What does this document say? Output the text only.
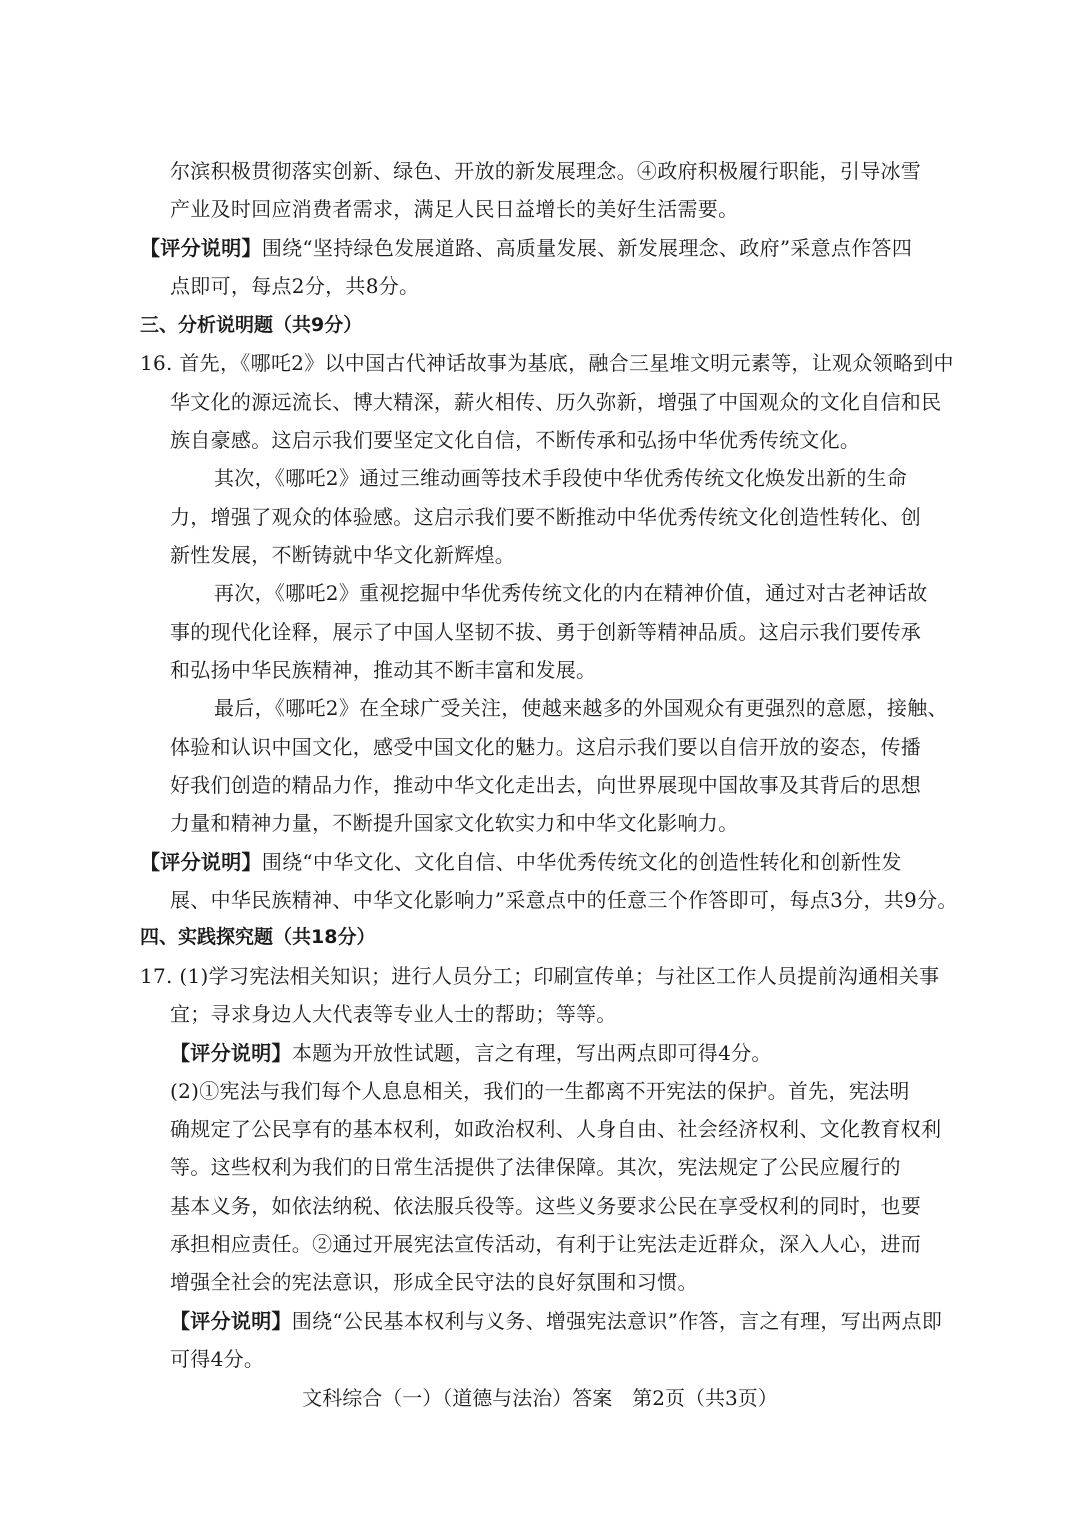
尔滨积极贯彻落实创新、绿色、开放的新发展理念。④政府积极履行职能，引导冰雪
产业及时回应消费者需求，满足人民日益增长的美好生活需要。
【评分说明】围绕“坚持绿色发展道路、高质量发展、新发展理念、政府”采意点作答四
点即可，每点2分，共8分。
三、分析说明题（共9分）
16. 首先，《哪吒2》以中国古代神话故事为基底，融合三星堆文明元素等，让观众领略到中
华文化的源远流长、博大精深，薪火相传、历久弥新，增强了中国观众的文化自信和民
族自豪感。这启示我们要坚定文化自信，不断传承和弘扬中华优秀传统文化。
其次，《哪吒2》通过三维动画等技术手段使中华优秀传统文化焕发出新的生命
力，增强了观众的体验感。这启示我们要不断推动中华优秀传统文化创造性转化、创
新性发展，不断铸就中华文化新辉煌。
再次，《哪吒2》重视挖掘中华优秀传统文化的内在精神价值，通过对古老神话故
事的现代化诠释，展示了中国人坚韧不拔、勇于创新等精神品质。这启示我们要传承
和弘扬中华民族精神，推动其不断丰富和发展。
最后，《哪吒2》在全球广受关注，使越来越多的外国观众有更强烈的意愿，接触、
体验和认识中国文化，感受中国文化的魅力。这启示我们要以自信开放的姿态，传播
好我们创造的精品力作，推动中华文化走出去，向世界展现中国故事及其背后的思想
力量和精神力量，不断提升国家文化软实力和中华文化影响力。
【评分说明】围绕“中华文化、文化自信、中华优秀传统文化的创造性转化和创新性发
展、中华民族精神、中华文化影响力”采意点中的任意三个作答即可，每点3分，共9分。
四、实践探究题（共18分）
17. (1)学习宪法相关知识；进行人员分工；印刷宣传单；与社区工作人员提前沟通相关事
宜；寻求身边人大代表等专业人士的帮助；等等。
【评分说明】本题为开放性试题，言之有理，写出两点即可得4分。
(2)①宪法与我们每个人息息相关，我们的一生都离不开宪法的保护。首先，宪法明
确规定了公民享有的基本权利，如政治权利、人身自由、社会经济权利、文化教育权利
等。这些权利为我们的日常生活提供了法律保障。其次，宪法规定了公民应履行的
基本义务，如依法纳税、依法服兵役等。这些义务要求公民在享受权利的同时，也要
承担相应责任。②通过开展宪法宣传活动，有利于让宪法走近群众，深入人心，进而
增强全社会的宪法意识，形成全民守法的良好氛围和习惯。
【评分说明】围绕“公民基本权利与义务、增强宪法意识”作答，言之有理，写出两点即
可得4分。
文科综合（一）（道德与法治）答案　第2页（共3页）
